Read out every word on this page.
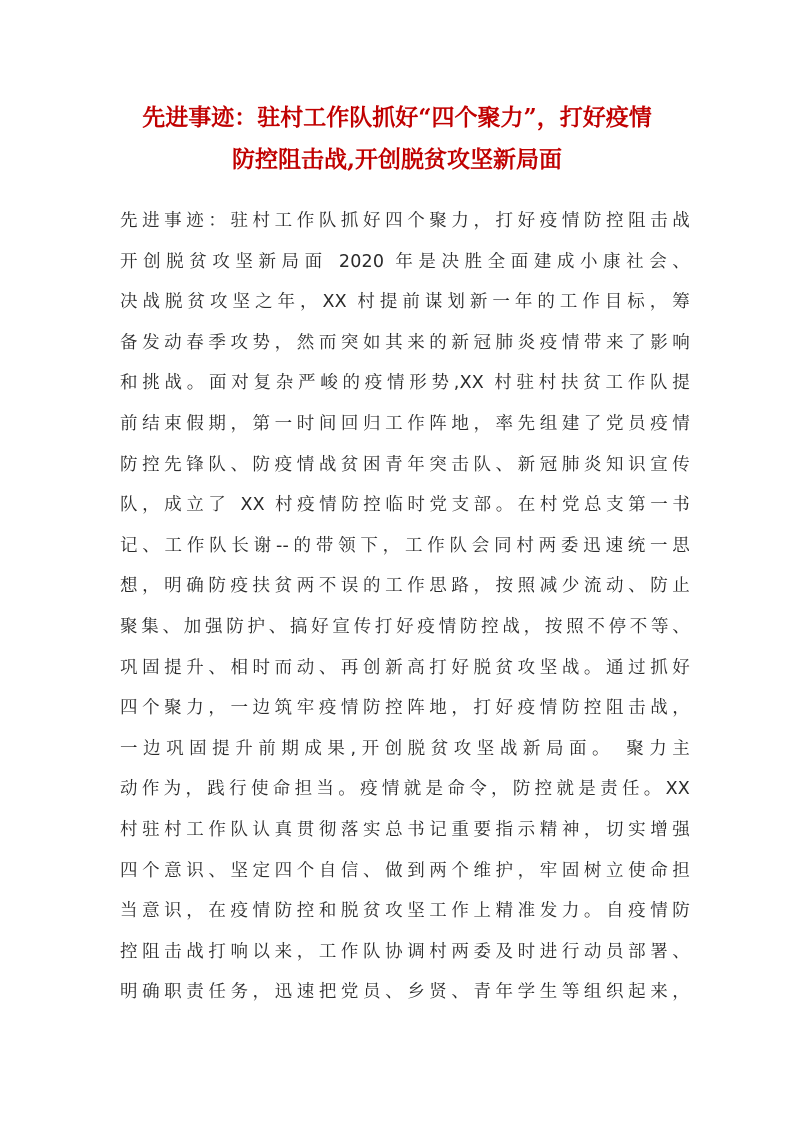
先进事迹：驻村工作队抓好“四个聚力”，打好疫情
防控阻击战,开创脱贫攻坚新局面
先进事迹：驻村工作队抓好四个聚力，打好疫情防控阻击战
开创脱贫攻坚新局面 2020 年是决胜全面建成小康社会、
决战脱贫攻坚之年，XX 村提前谋划新一年的工作目标，筹
备发动春季攻势，然而突如其来的新冠肺炎疫情带来了影响
和挑战。面对复杂严峻的疫情形势,XX 村驻村扶贫工作队提
前结束假期，第一时间回归工作阵地，率先组建了党员疫情
防控先锋队、防疫情战贫困青年突击队、新冠肺炎知识宣传
队，成立了 XX 村疫情防控临时党支部。在村党总支第一书
记、工作队长谢--的带领下，工作队会同村两委迅速统一思
想，明确防疫扶贫两不误的工作思路，按照减少流动、防止
聚集、加强防护、搞好宣传打好疫情防控战，按照不停不等、
巩固提升、相时而动、再创新高打好脱贫攻坚战。通过抓好
四个聚力，一边筑牢疫情防控阵地，打好疫情防控阻击战，
一边巩固提升前期成果,开创脱贫攻坚战新局面。 聚力主
动作为，践行使命担当。疫情就是命令，防控就是责任。XX
村驻村工作队认真贯彻落实总书记重要指示精神，切实增强
四个意识、坚定四个自信、做到两个维护，牢固树立使命担
当意识，在疫情防控和脱贫攻坚工作上精准发力。自疫情防
控阻击战打响以来，工作队协调村两委及时进行动员部署、
明确职责任务，迅速把党员、乡贤、青年学生等组织起来，
